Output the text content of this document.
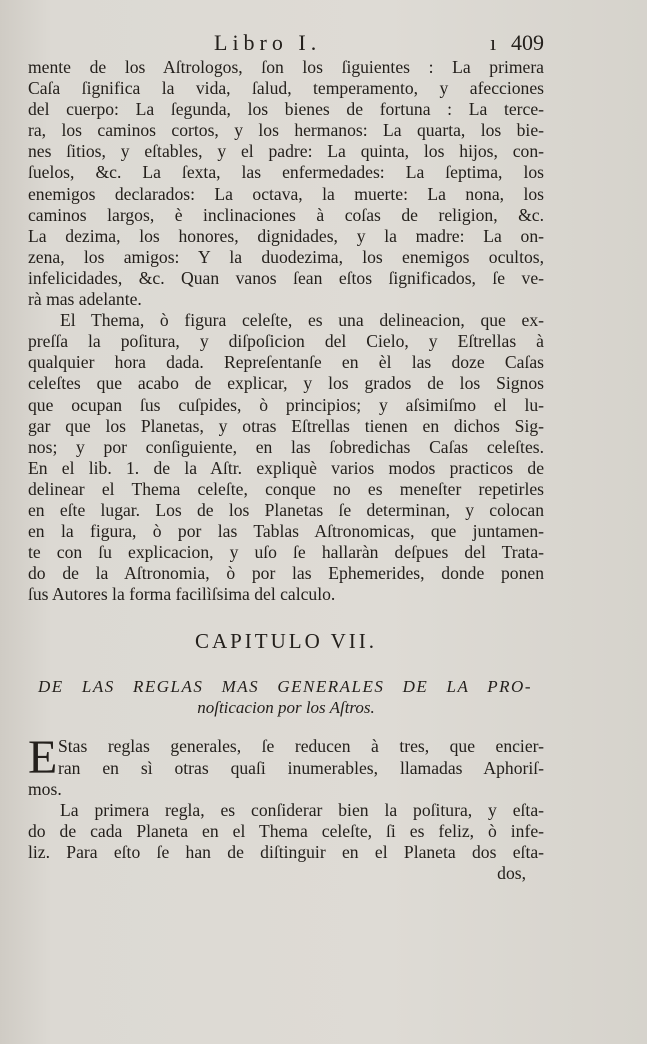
Libro I.	ı 409
mente de los Aſtrologos, ſon los ſiguientes : La primera
Caſa ſignifica la vida, ſalud, temperamento, y afecciones
del cuerpo: La ſegunda, los bienes de fortuna : La terce-
ra, los caminos cortos, y los hermanos: La quarta, los bie-
nes ſitios, y eſtables, y el padre: La quinta, los hijos, con-
ſuelos, &c. La ſexta, las enfermedades: La ſeptima, los
enemigos declarados: La octava, la muerte: La nona, los
caminos largos, è inclinaciones à coſas de religion, &c.
La dezima, los honores, dignidades, y la madre: La on-
zena, los amigos: Y la duodezima, los enemigos ocultos,
infelicidades, &c. Quan vanos ſean eſtos ſignificados, ſe ve-
rà mas adelante.
El Thema, ò figura celeſte, es una delineacion, que ex-
preſſa la poſitura, y diſpoſicion del Cielo, y Eſtrellas à
qualquier hora dada. Repreſentanſe en èl las doze Caſas
celeſtes que acabo de explicar, y los grados de los Signos
que ocupan ſus cuſpides, ò principios; y aſsimiſmo el lu-
gar que los Planetas, y otras Eſtrellas tienen en dichos Sig-
nos; y por conſiguiente, en las ſobredichas Caſas celeſtes.
En el lib. 1. de la Aſtr. expliquè varios modos practicos de
delinear el Thema celeſte, conque no es meneſter repetirles
en eſte lugar. Los de los Planetas ſe determinan, y colocan
en la figura, ò por las Tablas Aſtronomicas, que juntamen-
te con ſu explicacion, y uſo ſe hallaràn deſpues del Trata-
do de la Aſtronomia, ò por las Ephemerides, donde ponen
ſus Autores la forma facilìſsima del calculo.
CAPITULO VII.
DE LAS REGLAS MAS GENERALES DE LA PRO-
noſticacion por los Aſtros.
E Stas reglas generales, ſe reducen à tres, que encier-
ran en sì otras quaſi inumerables, llamadas Aphoriſ-
mos.
La primera regla, es conſiderar bien la poſitura, y eſta-
do de cada Planeta en el Thema celeſte, ſi es feliz, ò infe-
liz. Para eſto ſe han de diſtinguir en el Planeta dos eſta-
dos,
